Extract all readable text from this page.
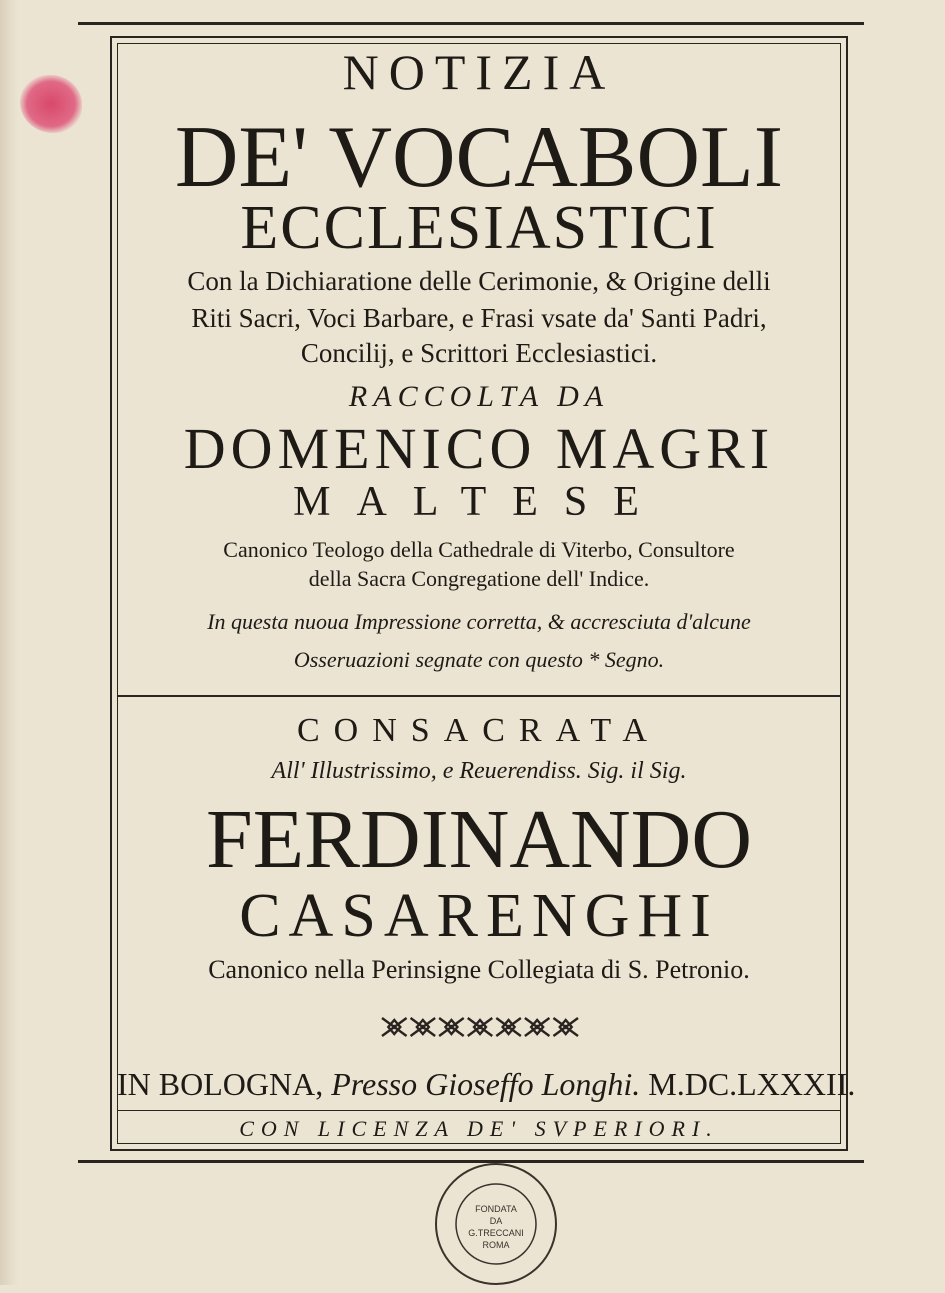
NOTIZIA
DE' VOCABOLI
ECCLESIASTICI
Con la Dichiaratione delle Cerimonie, & Origine delli
Riti Sacri, Voci Barbare, e Frasi vsate da' Santi Padri,
Concilij, e Scrittori Ecclesiastici.
RACCOLTA DA
DOMENICO MAGRI
MALTESE
Canonico Teologo della Cathedrale di Viterbo, Consultore
della Sacra Congregatione dell' Indice.
In questa nuoua Impressione corretta, & accresciuta d'alcune
Osseruazioni segnate con questo * Segno.
CONSACRATA
All' Illustrissimo, e Reuerendiss. Sig. il Sig.
FERDINANDO
CASARENGHI
Canonico nella Perinsigne Collegiata di S. Petronio.
IN BOLOGNA, Presso Gioseffo Longhi. M.DC.LXXXII.
CON LICENZA DE' SVPERIORI.
FONDATA
DA
G.TRECCANI
ROMA
